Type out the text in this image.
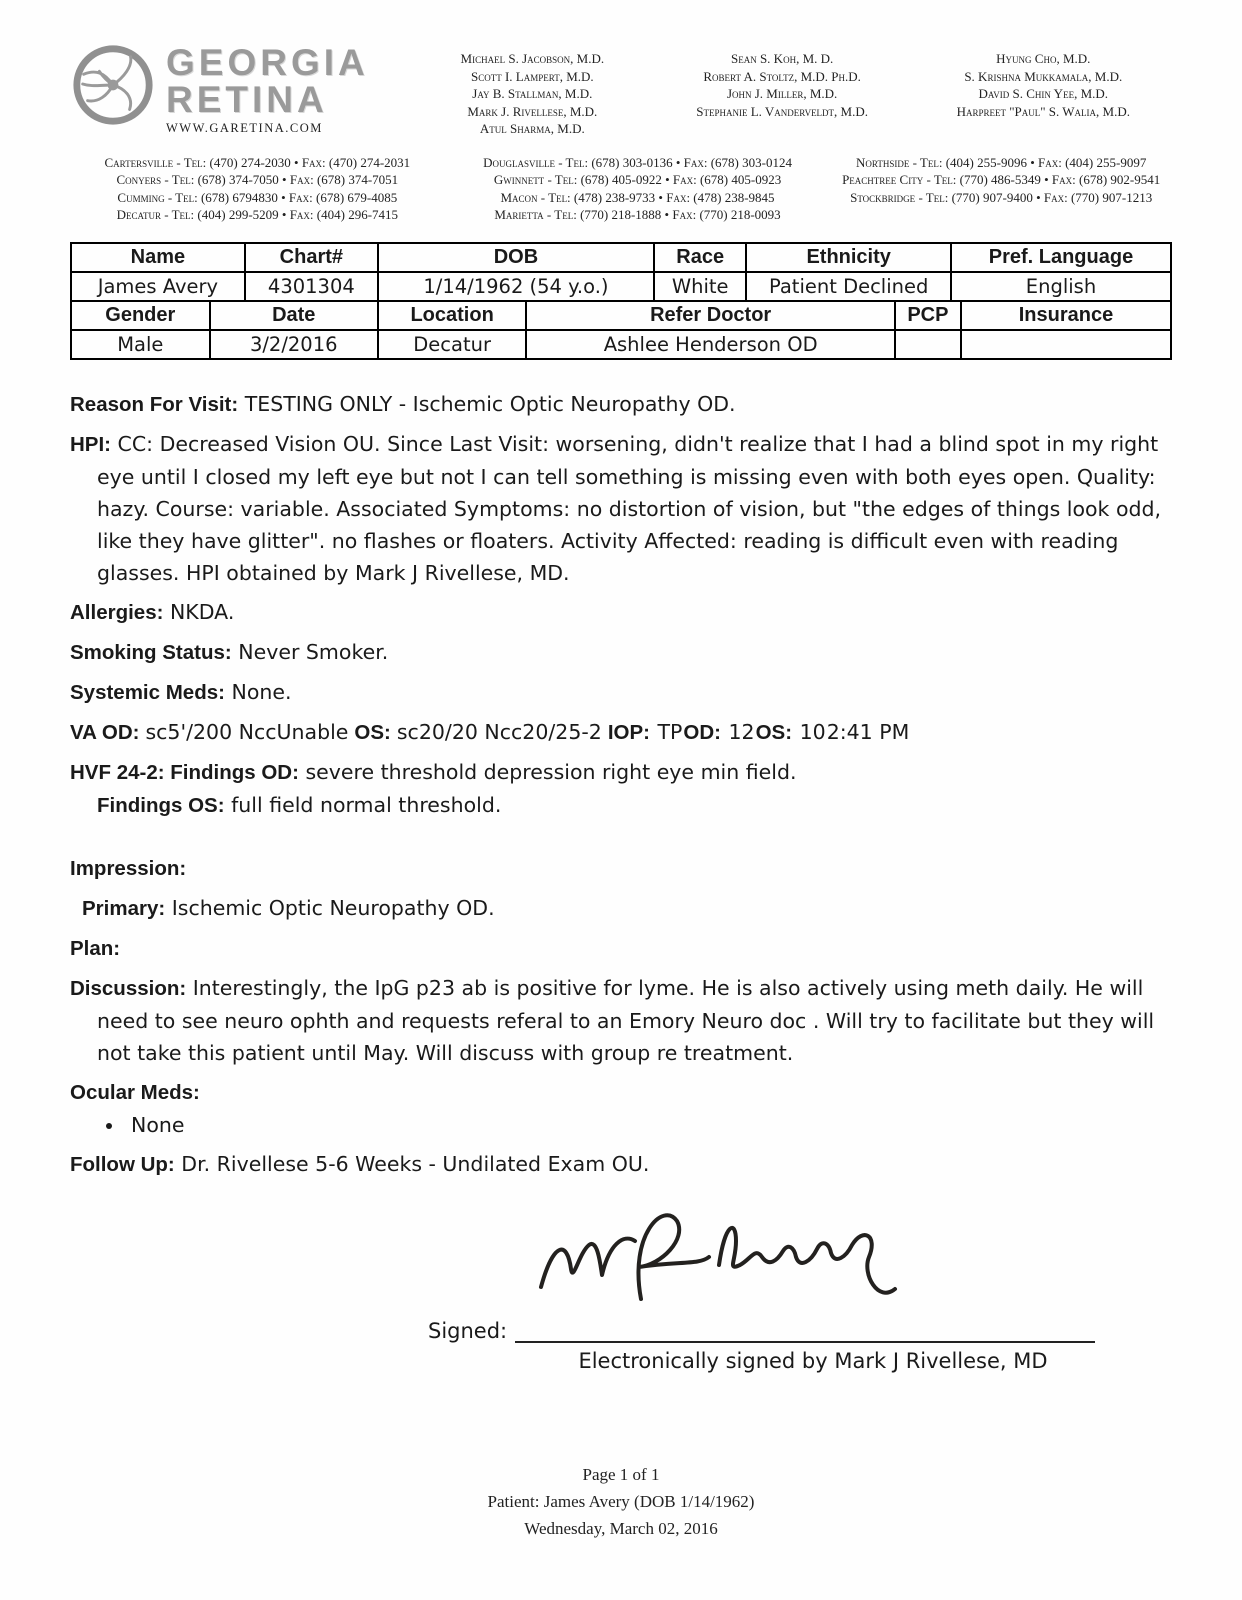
GEORGIA
RETINA
WWW.GARETINA.COM
Michael S. Jacobson, M.D.
Scott I. Lampert, M.D.
Jay B. Stallman, M.D.
Mark J. Rivellese, M.D.
Atul Sharma, M.D.
Sean S. Koh, M. D.
Robert A. Stoltz, M.D. Ph.D.
John J. Miller, M.D.
Stephanie L. Vanderveldt, M.D.
Hyung Cho, M.D.
S. Krishna Mukkamala, M.D.
David S. Chin Yee, M.D.
Harpreet "Paul" S. Walia, M.D.
Cartersville - Tel: (470) 274-2030 • Fax: (470) 274-2031
Conyers - Tel: (678) 374-7050 • Fax: (678) 374-7051
Cumming - Tel: (678) 6794830 • Fax: (678) 679-4085
Decatur - Tel: (404) 299-5209 • Fax: (404) 296-7415
Douglasville - Tel: (678) 303-0136 • Fax: (678) 303-0124
Gwinnett - Tel: (678) 405-0922 • Fax: (678) 405-0923
Macon - Tel: (478) 238-9733 • Fax: (478) 238-9845
Marietta - Tel: (770) 218-1888 • Fax: (770) 218-0093
Northside - Tel: (404) 255-9096 • Fax: (404) 255-9097
Peachtree City - Tel: (770) 486-5349 • Fax: (678) 902-9541
Stockbridge - Tel: (770) 907-9400 • Fax: (770) 907-1213
Name	Chart#	DOB	Race	Ethnicity	Pref. Language
James Avery	4301304	1/14/1962 (54 y.o.)	White	Patient Declined	English
Gender	Date	Location	Refer Doctor	PCP	Insurance
Male	3/2/2016	Decatur	Ashlee Henderson OD		

Reason For Visit: TESTING ONLY - Ischemic Optic Neuropathy OD.

HPI: CC: Decreased Vision OU. Since Last Visit: worsening, didn't realize that I had a blind spot in my right eye until I closed my left eye but not I can tell something is missing even with both eyes open. Quality: hazy. Course: variable. Associated Symptoms: no distortion of vision, but "the edges of things look odd, like they have glitter". no flashes or floaters. Activity Affected: reading is difficult even with reading glasses. HPI obtained by Mark J Rivellese, MD.

Allergies: NKDA.

Smoking Status: Never Smoker.

Systemic Meds: None.

VA OD: sc5'/200 NccUnable OS: sc20/20 Ncc20/25-2 IOP: TPOD: 12OS: 102:41 PM

HVF 24-2: Findings OD: severe threshold depression right eye min field.

Findings OS: full field normal threshold.

Impression:

Primary: Ischemic Optic Neuropathy OD.

Plan:

Discussion: Interestingly, the IpG p23 ab is positive for lyme. He is also actively using meth daily. He will need to see neuro ophth and requests referal to an Emory Neuro doc . Will try to facilitate but they will not take this patient until May. Will discuss with group re treatment.

Ocular Meds:

• None

Follow Up: Dr. Rivellese 5-6 Weeks - Undilated Exam OU.

Signed:
Electronically signed by Mark J Rivellese, MD
Page 1 of 1
Patient: James Avery (DOB 1/14/1962)
Wednesday, March 02, 2016
